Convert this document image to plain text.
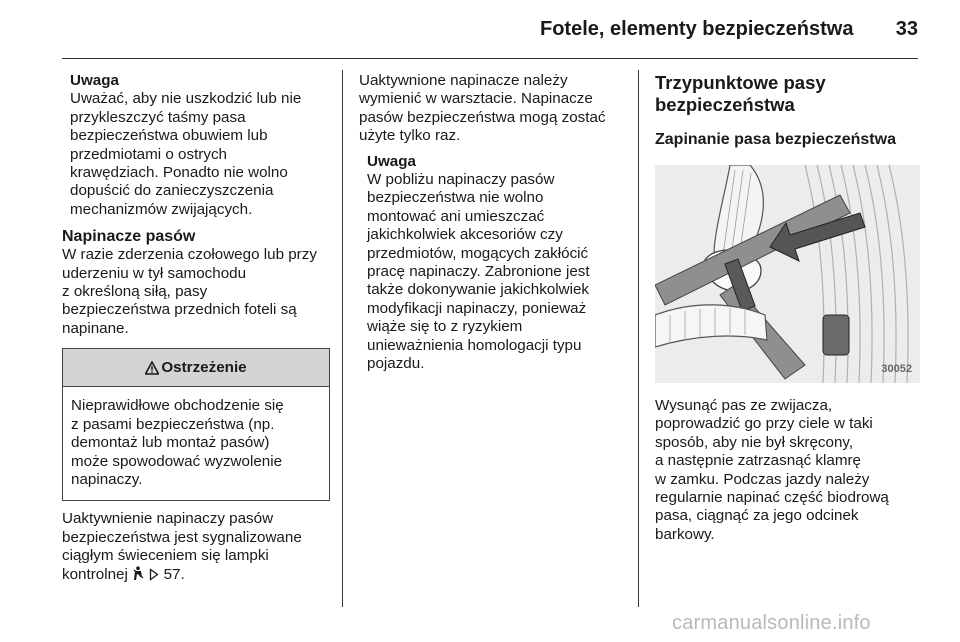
Fotele, elementy bezpieczeństwa	33
Uwaga
Uważać, aby nie uszkodzić lub nie
przykleszczyć taśmy pasa
bezpieczeństwa obuwiem lub
przedmiotami o ostrych
krawędziach. Ponadto nie wolno
dopuścić do zanieczyszczenia
mechanizmów zwijających.
Napinacze pasów
W razie zderzenia czołowego lub przy
uderzeniu w tył samochodu
z określoną siłą, pasy
bezpieczeństwa przednich foteli są
napinane.
Ostrzeżenie
Nieprawidłowe obchodzenie się
z pasami bezpieczeństwa (np.
demontaż lub montaż pasów)
może spowodować wyzwolenie
napinaczy.
Uaktywnienie napinaczy pasów
bezpieczeństwa jest sygnalizowane
ciągłym świeceniem się lampki
kontrolnej 57.
Uaktywnione napinacze należy
wymienić w warsztacie. Napinacze
pasów bezpieczeństwa mogą zostać
użyte tylko raz.
Uwaga
W pobliżu napinaczy pasów
bezpieczeństwa nie wolno
montować ani umieszczać
jakichkolwiek akcesoriów czy
przedmiotów, mogących zakłócić
pracę napinaczy. Zabronione jest
także dokonywanie jakichkolwiek
modyfikacji napinaczy, ponieważ
wiąże się to z ryzykiem
unieważnienia homologacji typu
pojazdu.
Trzypunktowe pasy
bezpieczeństwa
Zapinanie pasa bezpieczeństwa
30052
Wysunąć pas ze zwijacza,
poprowadzić go przy ciele w taki
sposób, aby nie był skręcony,
a następnie zatrzasnąć klamrę
w zamku. Podczas jazdy należy
regularnie napinać część biodrową
pasa, ciągnąć za jego odcinek
barkowy.
carmanualsonline.info
